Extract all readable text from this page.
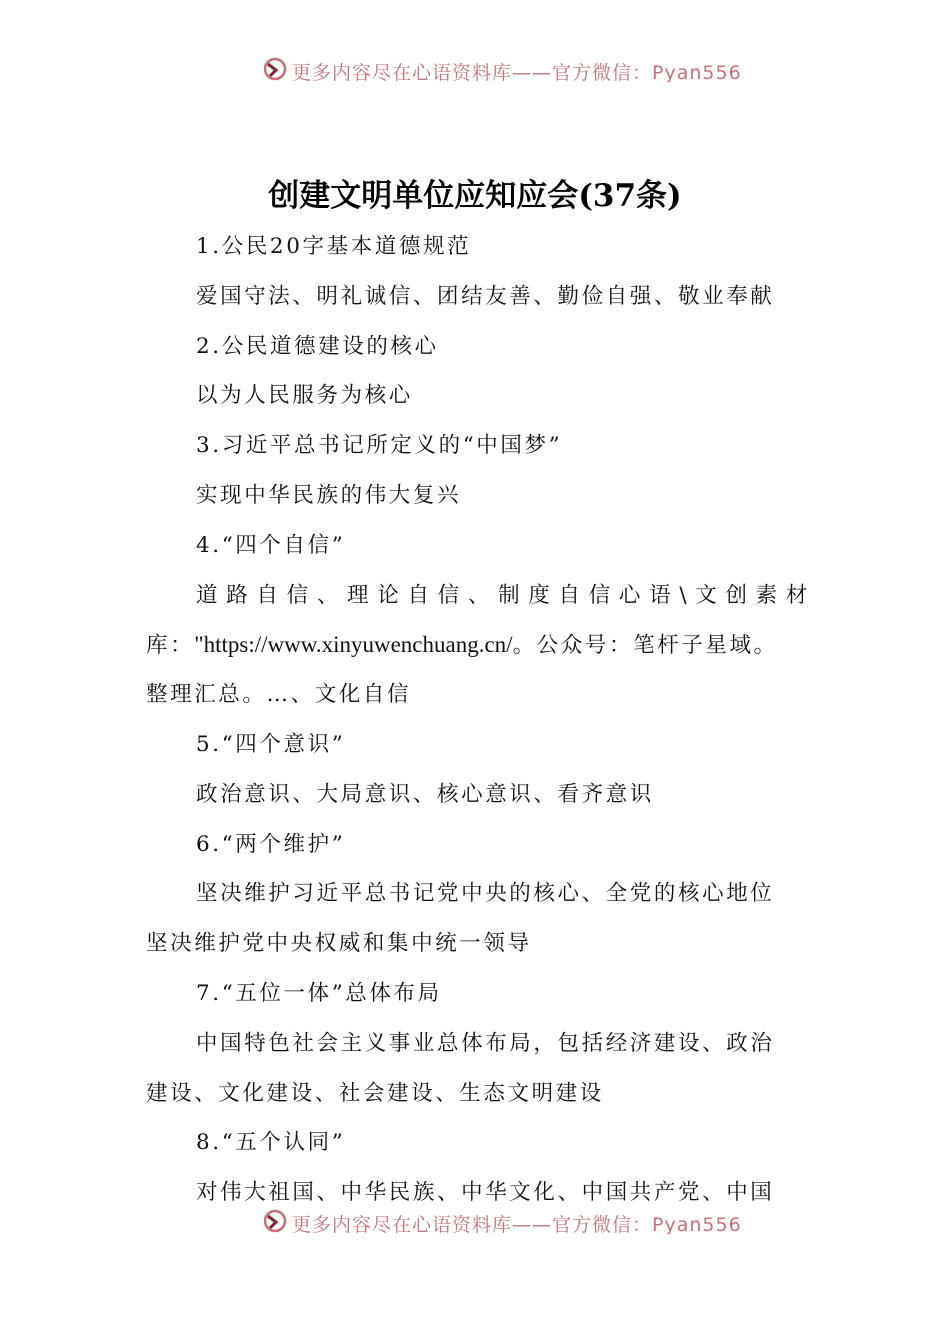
更多内容尽在心语资料库——官方微信：Pyan556
创建文明单位应知应会(37条)
1.公民20字基本道德规范
爱国守法、明礼诚信、团结友善、勤俭自强、敬业奉献
2.公民道德建设的核心
以为人民服务为核心
3.习近平总书记所定义的“中国梦”
实现中华民族的伟大复兴
4.“四个自信”
道路自信、理论自信、制度自信心语\文创素材
库："https://www.xinyuwenchuang.cn/。公众号：笔杆子星域。
整理汇总。…、文化自信
5.“四个意识”
政治意识、大局意识、核心意识、看齐意识
6.“两个维护”
坚决维护习近平总书记党中央的核心、全党的核心地位
坚决维护党中央权威和集中统一领导
7.“五位一体”总体布局
中国特色社会主义事业总体布局，包括经济建设、政治
建设、文化建设、社会建设、生态文明建设
8.“五个认同”
对伟大祖国、中华民族、中华文化、中国共产党、中国
更多内容尽在心语资料库——官方微信：Pyan556
